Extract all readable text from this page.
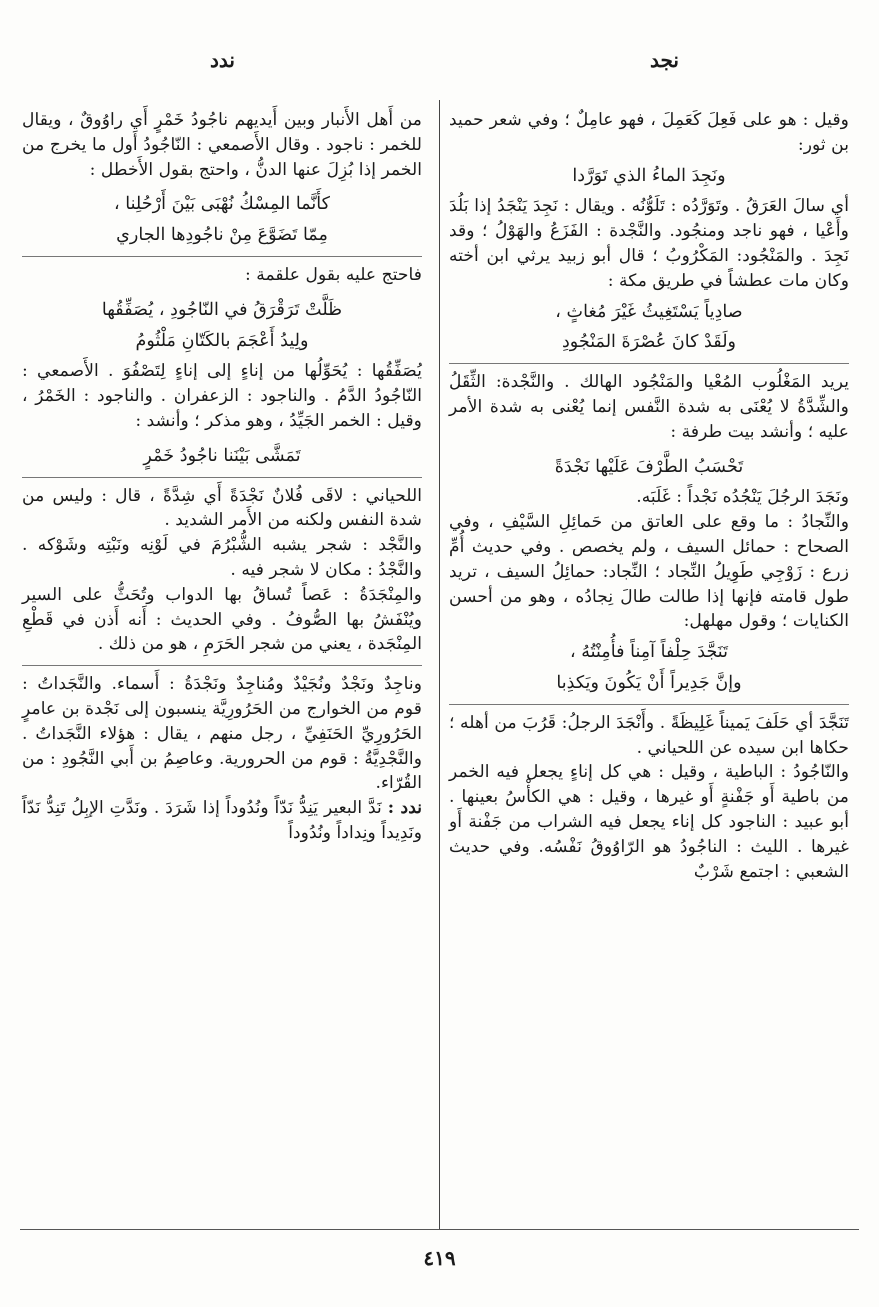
نجد
ندد

وقيل : هو على فَعِلَ كَعَمِلَ ، فهو عامِلٌ ؛ وفي شعر حميد بن ثور:

ونَجِدَ الماءُ الذي تَوَرَّدا

أي سالَ العَرَقُ . وتَوَرَّدُه : تَلَوُّنُه . ويقال : نَجِدَ يَنْجَدُ إذا بَلُدَ وأَعْيا ، فهو ناجد ومنجُود. والنَّجْدة : الفَزَعُ والهَوْلُ ؛ وقد نَجِدَ . والمَنْجُود: المَكْرُوبُ ؛ قال أبو زبيد يرثي ابن أخته وكان مات عطشاً في طريق مكة :

صادِياً يَسْتَغِيثُ غَيْرَ مُغاثٍ ،

ولَقَدْ كانَ عُصْرَةَ المَنْجُودِ

يريد المَغْلُوب المُعْيا والمَنْجُود الهالك . والنَّجْدة: الثِّقَلُ والشِّدَّةُ لا يُعْنَى به شدة النَّفس إنما يُعْنى به شدة الأمر عليه ؛ وأنشد بيت طرفة :

تَحْسَبُ الطَّرْفَ عَلَيْها نَجْدَةً

ونَجَدَ الرجُلَ يَنْجُدُه نَجْداً : غَلَبَه.

والنِّجادُ : ما وقع على العاتق من حَمائِلِ السَّيْفِ ، وفي الصحاح : حمائل السيف ، ولم يخصص . وفي حديث أُمِّ زرع : زَوْجِي طَوِيلُ النِّجاد ؛ النِّجاد: حمائِلُ السيف ، تريد طول قامته فإنها إذا طالت طالَ نِجادُه ، وهو من أحسن الكنايات ؛ وقول مهلهل:

تَنَجَّدَ حِلْفاً آمِناً فأُمِنْتُهُ ،

وإنَّ جَدِيراً أَنْ يَكُونَ ويَكذِبا

تَنَجَّدَ أي حَلَفَ يَميناً غَلِيظَةً . وأَنْجَدَ الرجلُ: قَرُبَ من أهله ؛ حكاها ابن سيده عن اللحياني .

والنّاجُودُ : الباطية ، وقيل : هي كل إناءٍ يجعل فيه الخمر من باطية أَو جَفْنةٍ أَو غيرها ، وقيل : هي الكأْسُ بعينها . أبو عبيد : الناجود كل إناء يجعل فيه الشراب من جَفْنة أَو غيرها . الليث : الناجُودُ هو الرّاوُوقُ نَفْسُه. وفي حديث الشعبي : اجتمع شَرْبٌ

من أَهل الأَنبار وبين أَيديهم ناجُودُ خَمْرٍ أَي راوُوقٌ ، ويقال للخمر : ناجود . وقال الأَصمعي : النّاجُودُ أَول ما يخرج من الخمر إذا بُزِلَ عنها الدنُّ ، واحتج بقول الأَخطل :

كأَنَّما المِسْكُ نُهْبَى بَيْنَ أَرْحُلِنا ،

مِمّا تَضَوَّعَ مِنْ ناجُودِها الجاري

فاحتج عليه بقول علقمة :

ظَلَّتْ تَرَقْرَقُ في النّاجُودِ ، يُصَفِّقُها

ولِيدُ أَعْجَمَ بالكَتّانِ مَلْثُومُ

يُصَفِّقُها : يُحَوِّلُها من إناءٍ إلى إناءٍ لِتَصْفُوَ . الأَصمعي : النّاجُودُ الدَّمُ . والناجود : الزعفران . والناجود : الخَمْرُ ، وقيل : الخمر الجَيِّدُ ، وهو مذكر ؛ وأنشد :

تَمَشَّى بَيْنَنا ناجُودُ خَمْرٍ

اللحياني : لاقَى فُلانٌ نَجْدَةً أَي شِدَّةً ، قال : وليس من شدة النفس ولكنه من الأَمر الشديد .

والنَّجْد : شجر يشبه الشُّبْرُمَ في لَوْنِه ونَبْتِه وشَوْكه . والنَّجْدُ : مكان لا شجر فيه .

والمِنْجَدَةُ : عَصاً تُساقُ بها الدواب وتُحَثُّ على السير ويُنْفَشُ بها الصُّوفُ . وفي الحديث : أَنه أَذن في قَطْعِ المِنْجَدة ، يعني من شجر الحَرَمِ ، هو من ذلك .

وناجِدٌ ونَجْدٌ ونُجَيْدٌ ومُناجِدٌ ونَجْدَةُ : أَسماء. والنَّجَداتُ : قوم من الخوارج من الحَرُورِيَّة ينسبون إلى نَجْدة بن عامرٍ الحَرُورِيِّ الحَنَفِيِّ ، رجل منهم ، يقال : هؤلاء النَّجَداتُ . والنَّجْدِيَّةُ : قوم من الحرورية. وعاصِمُ بن أَبي النَّجُودِ : من القُرّاء.

ندد : نَدَّ البعير يَنِدُّ نَدّاً ونُدُوداً إذا شَرَدَ . ونَدَّتِ الإبِلُ تَنِدُّ نَدّاً ونَدِيداً ونِداداً ونُدُوداً

٤١٩
